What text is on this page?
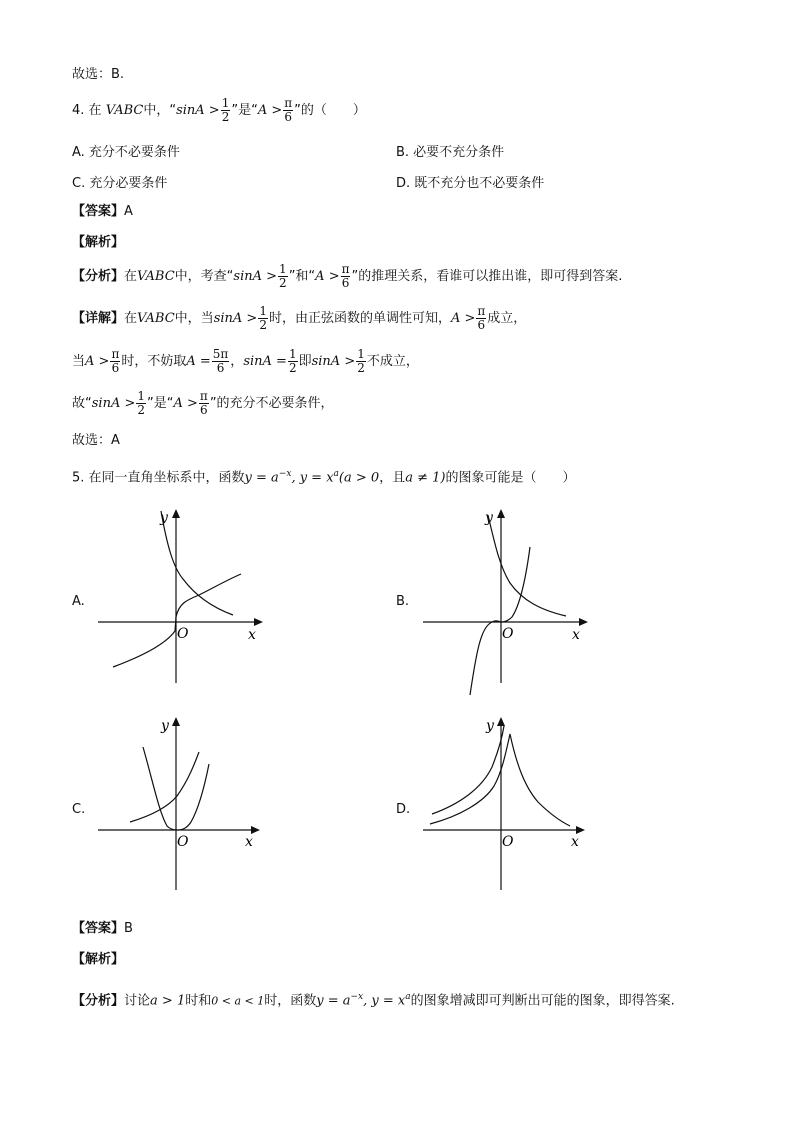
故选：B.
4. 在 VABC中，“$\sin A > \frac{1}{2}$ ”是“$A > \frac{\pi}{6}$ ”的（　　）
A. 充分不必要条件	B. 必要不充分条件
C. 充分必要条件	D. 既不充分也不必要条件
【答案】A
【解析】
【分析】在VABC中，考查“$\sin A > \frac{1}{2}$ ”和“$A > \frac{\pi}{6}$ ”的推理关系，看谁可以推出谁，即可得到答案.
【详解】在VABC中，当$\sin A > \frac{1}{2}$ 时，由正弦函数的单调性可知，$A > \frac{\pi}{6}$ 成立，
当$A > \frac{\pi}{6}$ 时，不妨取$A = \frac{5\pi}{6}$ ，$\sin A = \frac{1}{2}$ 即$\sin A > \frac{1}{2}$ 不成立，
故“$\sin A > \frac{1}{2}$ ”是“$A > \frac{\pi}{6}$ ”的充分不必要条件，
故选：A
5. 在同一直角坐标系中，函数$y = a^{-x}$, $y = x^a(a > 0$，且a ≠ 1)的图象可能是（　　）
A.	B.
C.	D.
y
x
O
y
x
O
y
x
O
y
x
O
【答案】B
【解析】
【分析】讨论a > 1时和0 < a < 1时，函数$y = a^{-x}$, $y = x^a$的图象增减即可判断出可能的图象，即得答案.
